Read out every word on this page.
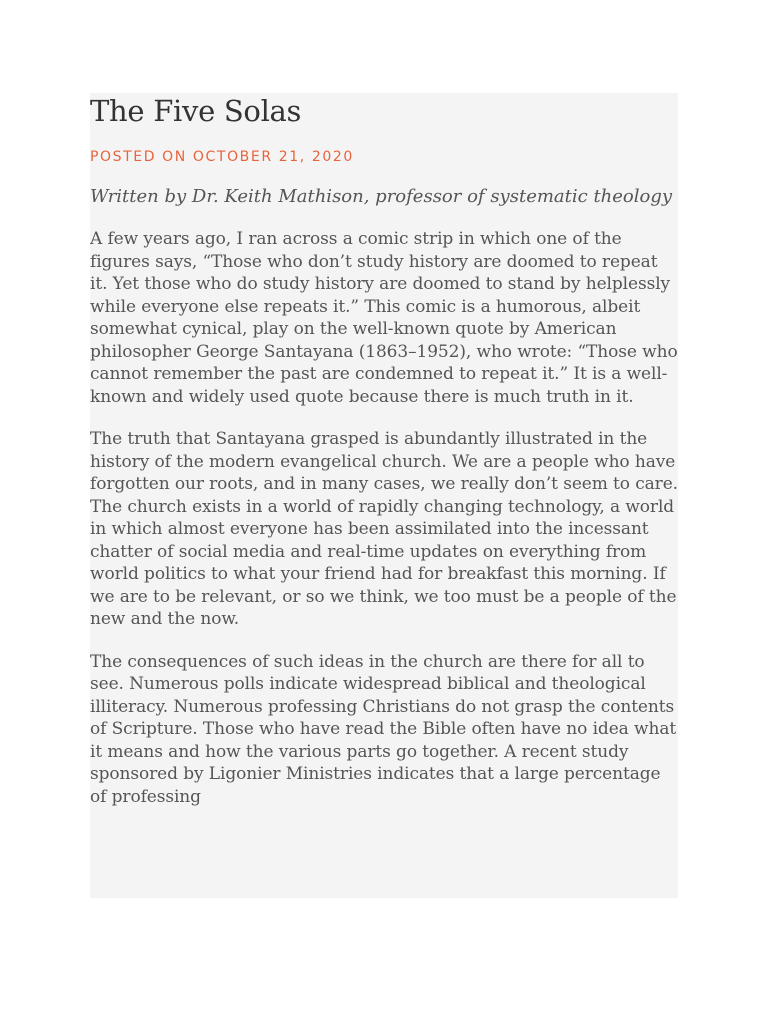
The Five Solas

POSTED ON OCTOBER 21, 2020

Written by Dr. Keith Mathison, professor of systematic theology

A few years ago, I ran across a comic strip in which one of the figures says, “Those who don’t study history are doomed to repeat it. Yet those who do study history are doomed to stand by helplessly while everyone else repeats it.” This comic is a humorous, albeit somewhat cynical, play on the well-known quote by American philosopher George Santayana (1863–1952), who wrote: “Those who cannot remember the past are condemned to repeat it.” It is a well-known and widely used quote because there is much truth in it.

The truth that Santayana grasped is abundantly illustrated in the history of the modern evangelical church. We are a people who have forgotten our roots, and in many cases, we really don’t seem to care. The church exists in a world of rapidly changing technology, a world in which almost everyone has been assimilated into the incessant chatter of social media and real-time updates on everything from world politics to what your friend had for breakfast this morning. If we are to be relevant, or so we think, we too must be a people of the new and the now.

The consequences of such ideas in the church are there for all to see. Numerous polls indicate widespread biblical and theological illiteracy. Numerous professing Christians do not grasp the contents of Scripture. Those who have read the Bible often have no idea what it means and how the various parts go together. A recent study sponsored by Ligonier Ministries indicates that a large percentage of professing
